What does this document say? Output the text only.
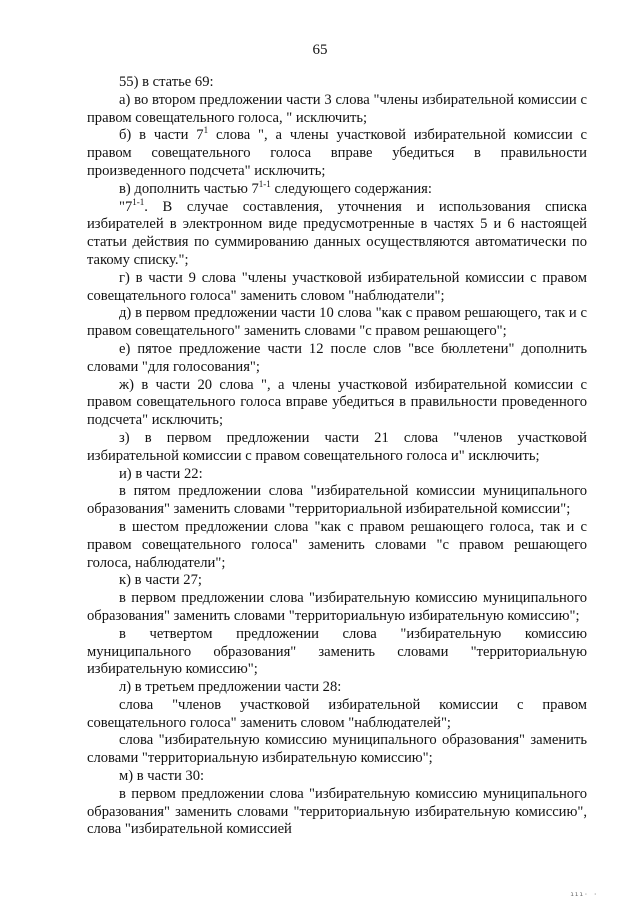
65

55) в статье 69:

а) во втором предложении части 3 слова "члены избирательной комиссии с правом совещательного голоса, " исключить;

б) в части $7^1$ слова ", а члены участковой избирательной комиссии с правом совещательного голоса вправе убедиться в правильности произведенного подсчета" исключить;

в) дополнить частью 7$^{1-1}$ следующего содержания:

"7$^{1-1}$. В случае составления, уточнения и использования списка избирателей в электронном виде предусмотренные в частях 5 и 6 настоящей статьи действия по суммированию данных осуществляются автоматически по такому списку.";

г) в части 9 слова "члены участковой избирательной комиссии с правом совещательного голоса" заменить словом "наблюдатели";

д) в первом предложении части 10 слова "как с правом решающего, так и с правом совещательного" заменить словами "с правом решающего";

е) пятое предложение части 12 после слов "все бюллетени" дополнить словами "для голосования";

ж) в части 20 слова ", а члены участковой избирательной комиссии с правом совещательного голоса вправе убедиться в правильности проведенного подсчета" исключить;

з) в первом предложении части 21 слова "членов участковой избирательной комиссии с правом совещательного голоса и" исключить;

и) в части 22:

в пятом предложении слова "избирательной комиссии муниципального образования" заменить словами "территориальной избирательной комиссии";

в шестом предложении слова "как с правом решающего голоса, так и с правом совещательного голоса" заменить словами "с правом решающего голоса, наблюдатели";

к) в части 27;

в первом предложении слова "избирательную комиссию муниципального образования" заменить словами "территориальную избирательную комиссию";

в четвертом предложении слова "избирательную комиссию муниципального образования" заменить словами "территориальную избирательную комиссию";

л) в третьем предложении части 28:

слова "членов участковой избирательной комиссии с правом совещательного голоса" заменить словом "наблюдателей";

слова "избирательную комиссию муниципального образования" заменить словами "территориальную избирательную комиссию";

м) в части 30:

в первом предложении слова "избирательную комиссию муниципального образования" заменить словами "территориальную избирательную комиссию", слова "избирательной комиссией

ııı· ·
